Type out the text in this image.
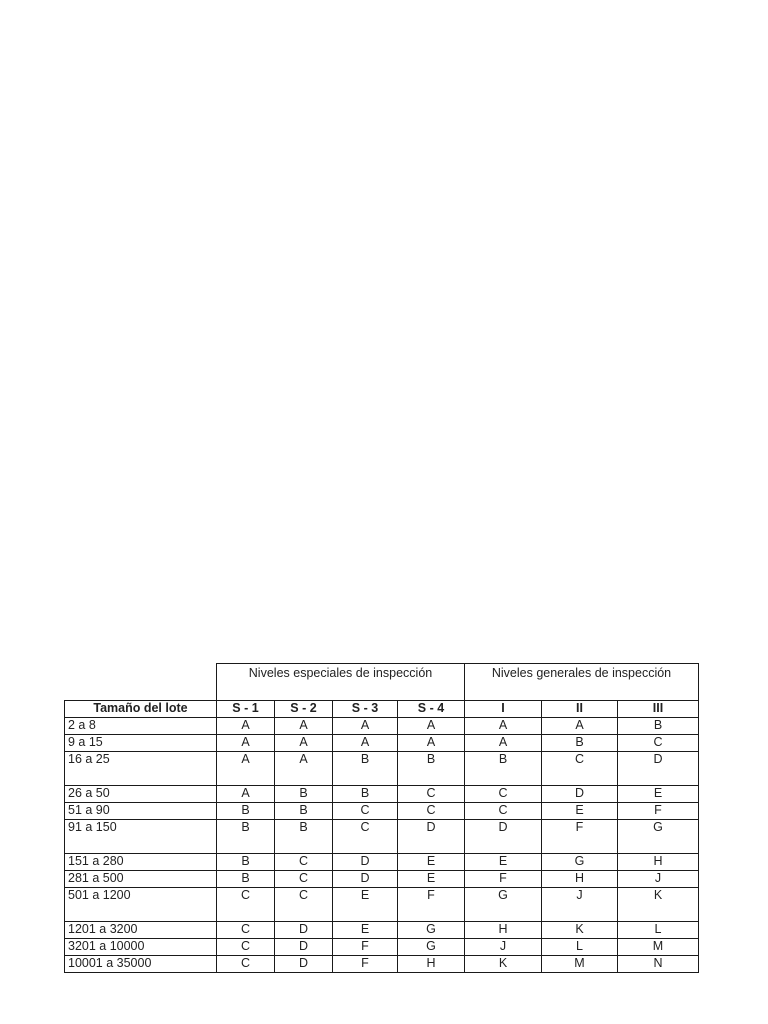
	Niveles especiales de inspección				Niveles generales de inspección		
Tamaño del lote	S - 1	S - 2	S - 3	S - 4	I	II	III
2 a 8	A	A	A	A	A	A	B
9 a 15	A	A	A	A	A	B	C
16 a 25	A	A	B	B	B	C	D
26 a 50	A	B	B	C	C	D	E
51 a 90	B	B	C	C	C	E	F
91 a 150	B	B	C	D	D	F	G
151 a 280	B	C	D	E	E	G	H
281 a 500	B	C	D	E	F	H	J
501 a 1200	C	C	E	F	G	J	K
1201 a 3200	C	D	E	G	H	K	L
3201 a 10000	C	D	F	G	J	L	M
10001 a 35000	C	D	F	H	K	M	N
